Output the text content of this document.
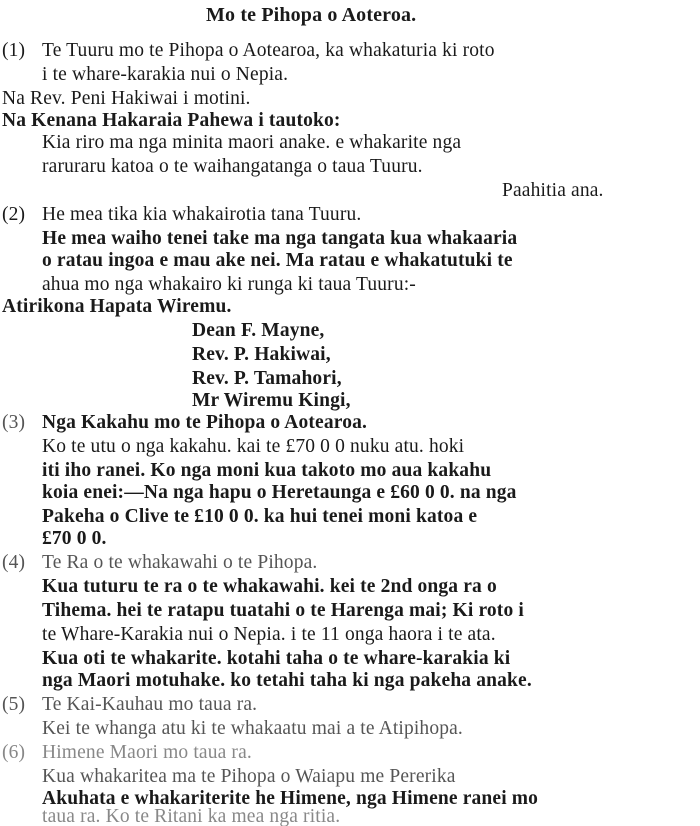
Mo te Pihopa o Aoteroa.
(1) Te Tuuru mo te Pihopa o Aotearoa, ka whakaturia ki roto
i te whare-karakia nui o Nepia.
Na Rev. Peni Hakiwai i motini.
Na Kenana Hakaraia Pahewa i tautoko:
Kia riro ma nga minita maori anake. e whakarite nga
raruraru katoa o te waihangatanga o taua Tuuru.
Paahitia ana.
(2) He mea tika kia whakairotia tana Tuuru.
He mea waiho tenei take ma nga tangata kua whakaaria
o ratau ingoa e mau ake nei. Ma ratau e whakatutuki te
ahua mo nga whakairo ki runga ki taua Tuuru:-
Atirikona Hapata Wiremu.
Dean F. Mayne,
Rev. P. Hakiwai,
Rev. P. Tamahori,
Mr Wiremu Kingi,
(3) Nga Kakahu mo te Pihopa o Aotearoa.
Ko te utu o nga kakahu. kai te £70 0 0 nuku atu. hoki
iti iho ranei. Ko nga moni kua takoto mo aua kakahu
koia enei:—Na nga hapu o Heretaunga e £60 0 0. na nga
Pakeha o Clive te £10 0 0. ka hui tenei moni katoa e
£70 0 0.
(4) Te Ra o te whakawahi o te Pihopa.
Kua tuturu te ra o te whakawahi. kei te 2nd onga ra o
Tihema. hei te ratapu tuatahi o te Harenga mai; Ki roto i
te Whare-Karakia nui o Nepia. i te 11 onga haora i te ata.
Kua oti te whakarite. kotahi taha o te whare-karakia ki
nga Maori motuhake. ko tetahi taha ki nga pakeha anake.
(5) Te Kai-Kauhau mo taua ra.
Kei te whanga atu ki te whakaatu mai a te Atipihopa.
(6) Himene Maori mo taua ra.
Kua whakaritea ma te Pihopa o Waiapu me Pererika
Akuhata e whakariterite he Himene, nga Himene ranei mo
taua ra. Ko te Ritani ka mea nga ritia.
